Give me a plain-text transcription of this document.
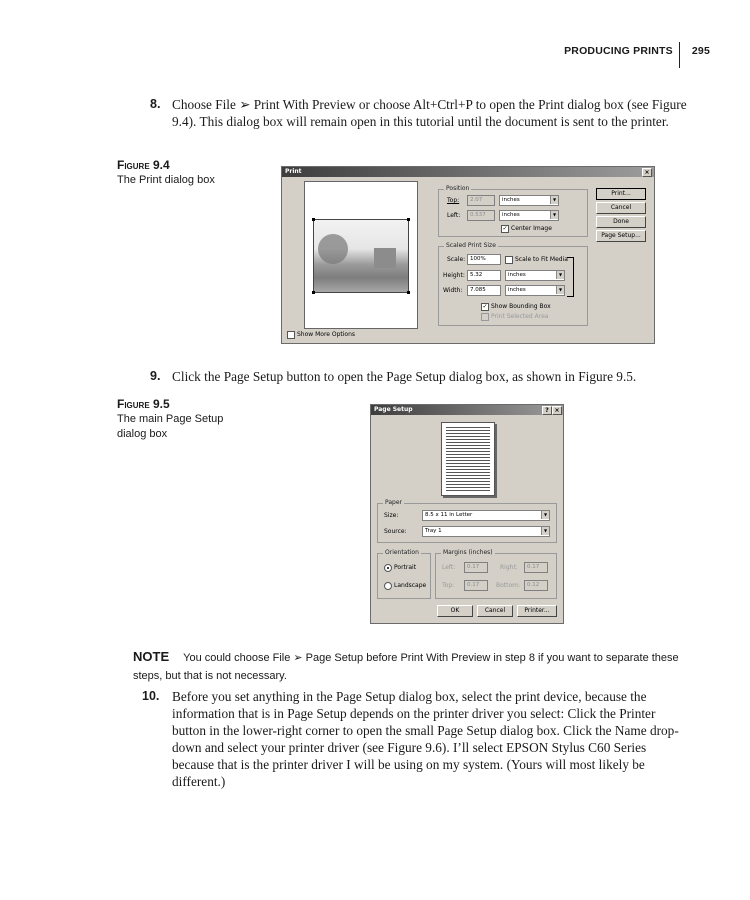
PRODUCING PRINTS 295
8. Choose File ➢ Print With Preview or choose Alt+Ctrl+P to open the Print dialog box (see Figure 9.4). This dialog box will remain open in this tutorial until the document is sent to the printer.
Figure 9.4
The Print dialog box
Print	×
Position
Top:	2.07	inches	▼
Left:	0.537	inches	▼
✓ Center Image
Scaled Print Size
Scale: 100%	Scale to Fit Media
Height: 5.32	inches	▼
Width:	7.085	inches	▼
✓ Show Bounding Box
Print Selected Area
Print...
Cancel
Done
Page Setup...
Show More Options
9. Click the Page Setup button to open the Page Setup dialog box, as shown in Figure 9.5.
Figure 9.5
The main Page Setup dialog box
Page Setup	? ×
Paper
Size:	8.5 x 11 in Letter	▼
Source:	Tray 1	▼
Orientation
Portrait
Landscape
Margins (inches)
Left:	0.17	Right:	0.17
Top:	0.17	Bottom:	0.12
OK	Cancel	Printer...
NOTE You could choose File ➢ Page Setup before Print With Preview in step 8 if you want to separate these steps, but that is not necessary.
10. Before you set anything in the Page Setup dialog box, select the print device, because the information that is in Page Setup depends on the printer driver you select: Click the Printer button in the lower-right corner to open the small Page Setup dialog box. Click the Name drop-down and select your printer driver (see Figure 9.6). I’ll select EPSON Stylus C60 Series because that is the printer driver I will be using on my system. (Yours will most likely be different.)
